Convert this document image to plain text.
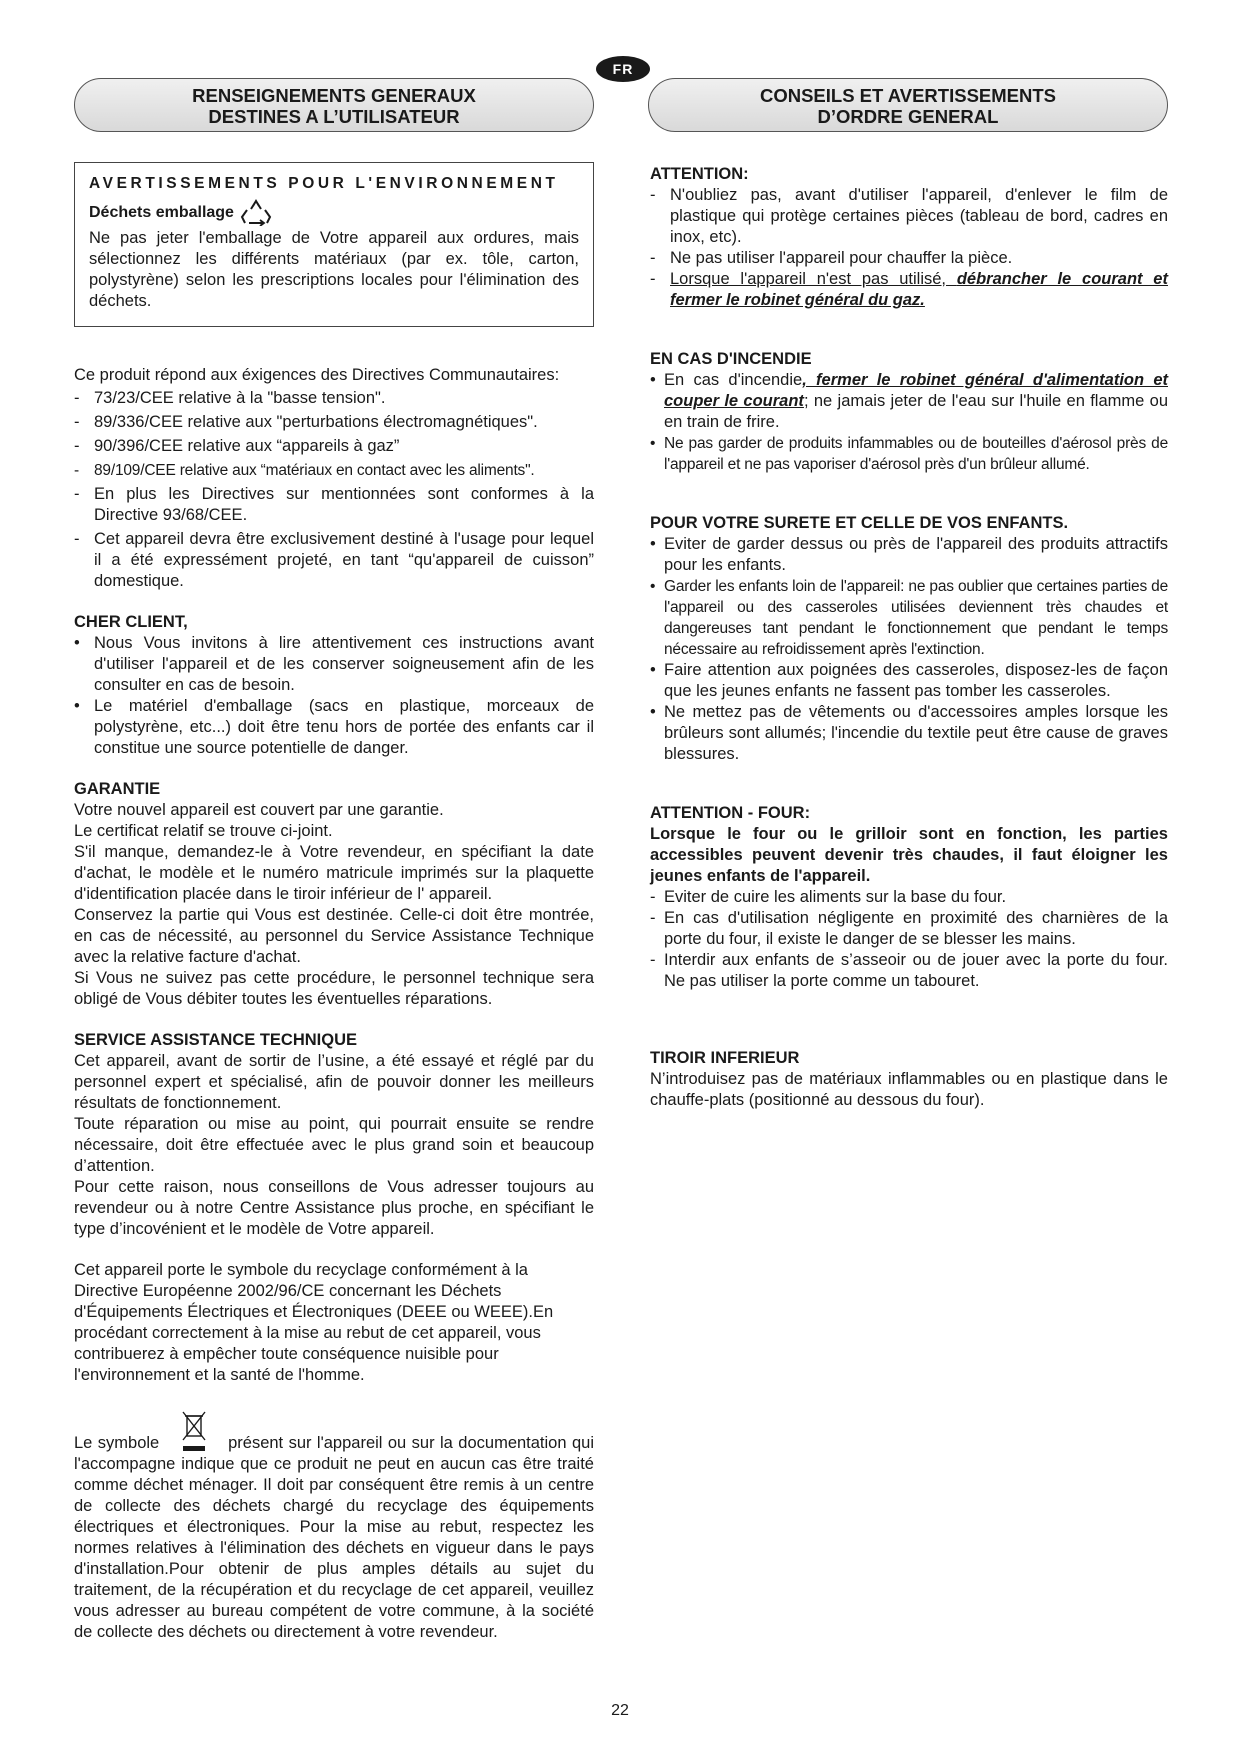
FR
RENSEIGNEMENTS GENERAUX
DESTINES A L’UTILISATEUR
CONSEILS ET AVERTISSEMENTS
D’ORDRE GENERAL
AVERTISSEMENTS POUR L'ENVIRONNEMENT
Déchets emballage

Ne pas jeter l'emballage de Votre appareil aux ordures, mais sélectionnez les différents matériaux (par ex. tôle, carton, polystyrène) selon les prescriptions locales pour l'élimination des déchets.

Ce produit répond aux éxigences des Directives Communautaires:

- 73/23/CEE relative à la "basse tension".
- 89/336/CEE relative aux "perturbations électromagnétiques".
- 90/396/CEE relative aux “appareils à gaz”
- 89/109/CEE relative aux “matériaux en contact avec les aliments".
- En plus les Directives sur mentionnées sont conformes à la Directive 93/68/CEE.
- Cet appareil devra être exclusivement destiné à l'usage pour lequel il a été expressément projeté, en tant “qu'appareil de cuisson” domestique.
CHER CLIENT,
• Nous Vous invitons à lire attentivement ces instructions avant d'utiliser l'appareil et de les conserver soigneusement afin de les consulter en cas de besoin.
• Le matériel d'emballage (sacs en plastique, morceaux de polystyrène, etc...) doit être tenu hors de portée des enfants car il constitue une source potentielle de danger.
GARANTIE

Votre nouvel appareil est couvert par une garantie.

Le certificat relatif se trouve ci-joint.

S'il manque, demandez-le à Votre revendeur, en spécifiant la date d'achat, le modèle et le numéro matricule imprimés sur la plaquette d'identification placée dans le tiroir inférieur de l' appareil.

Conservez la partie qui Vous est destinée. Celle-ci doit être montrée, en cas de nécessité, au personnel du Service Assistance Technique avec la relative facture d'achat.

Si Vous ne suivez pas cette procédure, le personnel technique sera obligé de Vous débiter toutes les éventuelles réparations.

SERVICE ASSISTANCE TECHNIQUE

Cet appareil, avant de sortir de l’usine, a été essayé et réglé par du personnel expert et spécialisé, afin de pouvoir donner les meilleurs résultats de fonctionnement.

Toute réparation ou mise au point, qui pourrait ensuite se rendre nécessaire, doit être effectuée avec le plus grand soin et beaucoup d’attention.

Pour cette raison, nous conseillons de Vous adresser toujours au revendeur ou à notre Centre Assistance plus proche, en spécifiant le type d’incovénient et le modèle de Votre appareil.

Cet appareil porte le symbole du recyclage conformément à la Directive Européenne 2002/96/CE concernant les Déchets d'Équipements Électriques et Électroniques (DEEE ou WEEE).En procédant correctement à la mise au rebut de cet appareil, vous contribuerez à empêcher toute conséquence nuisible pour l'environnement et la santé de l'homme.

Le symbole	présent sur l'appareil ou sur la documentation qui l'accompagne indique que ce produit ne peut en aucun cas être traité comme déchet ménager. Il doit par conséquent être remis à un centre de collecte des déchets chargé du recyclage des équipements électriques et électroniques. Pour la mise au rebut, respectez les normes relatives à l'élimination des déchets en vigueur dans le pays d'installation.Pour obtenir de plus amples détails au sujet du traitement, de la récupération et du recyclage de cet appareil, veuillez vous adresser au bureau compétent de votre commune, à la société de collecte des déchets ou directement à votre revendeur.

ATTENTION:
- N'oubliez pas, avant d'utiliser l'appareil, d'enlever le film de plastique qui protège certaines pièces (tableau de bord, cadres en inox, etc).
- Ne pas utiliser l'appareil pour chauffer la pièce.
- Lorsque l'appareil n'est pas utilisé, débrancher le courant et fermer le robinet général du gaz.
EN CAS D'INCENDIE
• En cas d'incendie, fermer le robinet général d'alimentation et couper le courant; ne jamais jeter de l'eau sur l'huile en flamme ou en train de frire.
• Ne pas garder de produits infammables ou de bouteilles d'aérosol près de l'appareil et ne pas vaporiser d'aérosol près d'un brûleur allumé.
POUR VOTRE SURETE ET CELLE DE VOS ENFANTS.
• Eviter de garder dessus ou près de l'appareil des produits attractifs pour les enfants.
• Garder les enfants loin de l'appareil: ne pas oublier que certaines parties de l'appareil ou des casseroles utilisées deviennent très chaudes et dangereuses tant pendant le fonctionnement que pendant le temps nécessaire au refroidissement après l'extinction.
• Faire attention aux poignées des casseroles, disposez-les de façon que les jeunes enfants ne fassent pas tomber les casseroles.
• Ne mettez pas de vêtements ou d'accessoires amples lorsque les brûleurs sont allumés; l'incendie du textile peut être cause de graves blessures.
ATTENTION - FOUR:

Lorsque le four ou le grilloir sont en fonction, les parties accessibles peuvent devenir très chaudes, il faut éloigner les jeunes enfants de l'appareil.

- Eviter de cuire les aliments sur la base du four.
- En cas d'utilisation négligente en proximité des charnières de la porte du four, il existe le danger de se blesser les mains.
- Interdir aux enfants de s’asseoir ou de jouer avec la porte du four. Ne pas utiliser la porte comme un tabouret.
TIROIR INFERIEUR

N’introduisez pas de matériaux inflammables ou en plastique dans le chauffe-plats (positionné au dessous du four).

22
